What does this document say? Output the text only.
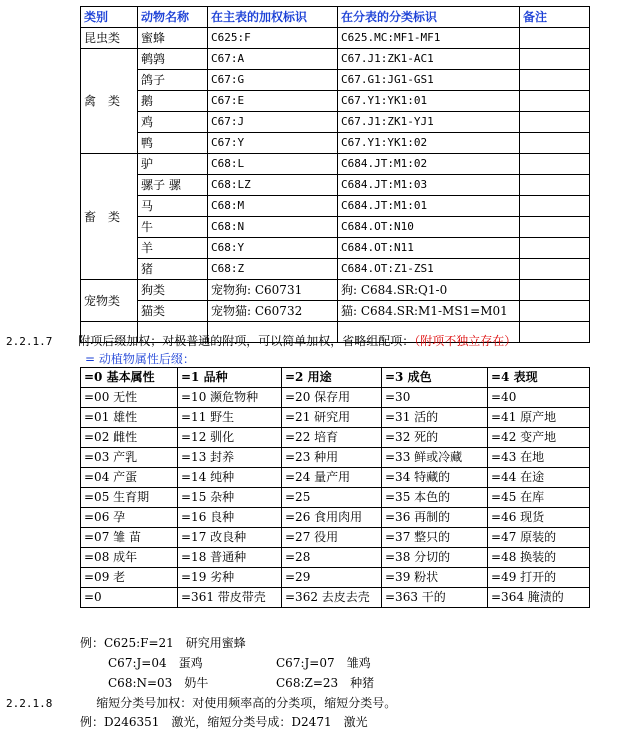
类别	动物名称	在主表的加权标识	在分表的分类标识	备注
昆虫类	蜜蜂	C625:F	C625.MC:MF1-MF1	
禽　类	鹌鹑	C67:A	C67.J1:ZK1-AC1	
	鸽子	C67:G	C67.G1:JG1-GS1	
	鹅	C67:E	C67.Y1:YK1:01	
	鸡	C67:J	C67.J1:ZK1-YJ1	
	鸭	C67:Y	C67.Y1:YK1:02	
畜　类	驴	C68:L	C684.JT:M1:02	
	骡子 骡	C68:LZ	C684.JT:M1:03	
	马	C68:M	C684.JT:M1:01	
	牛	C68:N	C684.OT:N10	
	羊	C68:Y	C684.OT:N11	
	猪	C68:Z	C684.OT:Z1-ZS1	
宠物类	狗类	宠物狗: C60731	狗: C684.SR:Q1-0	
	猫类	宠物猫: C60732	猫: C684.SR:M1-MS1=M01	

2.2.1.7 附项后缀加权；对极普通的附项，可以简单加权，省略组配项：（附项不独立存在）
= 动植物属性后缀：
=0 基本属性	=1 品种	=2 用途	=3 成色	=4 表现
=00 无性	=10 濒危物种	=20 保存用	=30	=40
=01 雄性	=11 野生	=21 研究用	=31 活的	=41 原产地
=02 雌性	=12 驯化	=22 培育	=32 死的	=42 变产地
=03 产乳	=13 封养	=23 种用	=33 鲜或冷藏	=43 在地
=04 产蛋	=14 纯种	=24 量产用	=34 特藏的	=44 在途
=05 生育期	=15 杂种	=25	=35 本色的	=45 在库
=06 孕	=16 良种	=26 食用肉用	=36 再制的	=46 现货
=07 雏 苗	=17 改良种	=27 役用	=37 整只的	=47 原装的
=08 成年	=18 普通种	=28	=38 分切的	=48 换装的
=09 老	=19 劣种	=29	=39 粉状	=49 打开的
=0	=361 带皮带壳	=362 去皮去壳	=363 干的	=364 腌渍的
例：C625:F=21　研究用蜜蜂
C67:J=04　蛋鸡	C67:J=07　雏鸡
C68:N=03　奶牛	C68:Z=23　种猪
2.2.1.8	缩短分类号加权：对使用频率高的分类项，缩短分类号。
例：D246351　激光，缩短分类号成：D2471　激光
